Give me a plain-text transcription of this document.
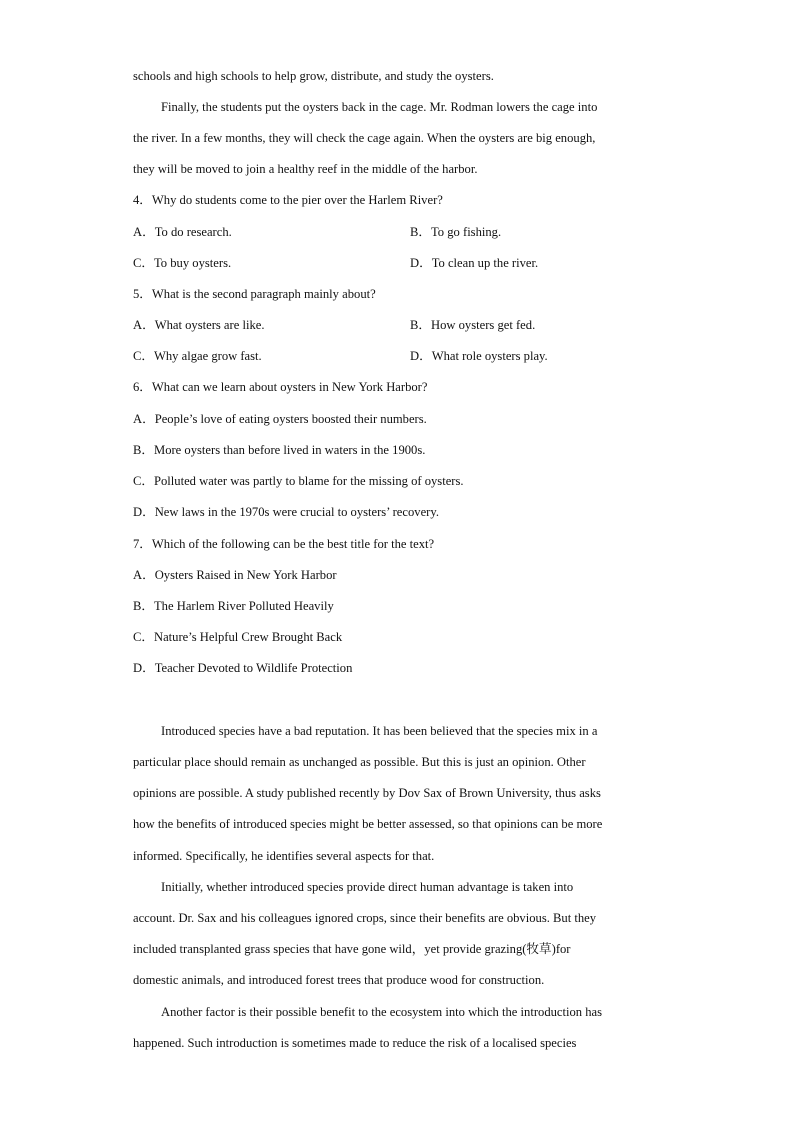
schools and high schools to help grow, distribute, and study the oysters.
Finally, the students put the oysters back in the cage. Mr. Rodman lowers the cage into
the river. In a few months, they will check the cage again. When the oysters are big enough,
they will be moved to join a healthy reef in the middle of the harbor.
4．Why do students come to the pier over the Harlem River?
A．To do research.	B．To go fishing.
C．To buy oysters.	D．To clean up the river.
5．What is the second paragraph mainly about?
A．What oysters are like.	B．How oysters get fed.
C．Why algae grow fast.	D．What role oysters play.
6．What can we learn about oysters in New York Harbor?
A．People’s love of eating oysters boosted their numbers.
B．More oysters than before lived in waters in the 1900s.
C．Polluted water was partly to blame for the missing of oysters.
D．New laws in the 1970s were crucial to oysters’ recovery.
7．Which of the following can be the best title for the text?
A．Oysters Raised in New York Harbor
B．The Harlem River Polluted Heavily
C．Nature’s Helpful Crew Brought Back
D．Teacher Devoted to Wildlife Protection
Introduced species have a bad reputation. It has been believed that the species mix in a
particular place should remain as unchanged as possible. But this is just an opinion. Other
opinions are possible. A study published recently by Dov Sax of Brown University, thus asks
how the benefits of introduced species might be better assessed, so that opinions can be more
informed. Specifically, he identifies several aspects for that.
Initially, whether introduced species provide direct human advantage is taken into
account. Dr. Sax and his colleagues ignored crops, since their benefits are obvious. But they
included transplanted grass species that have gone wild，yet provide grazing(牧草)for
domestic animals, and introduced forest trees that produce wood for construction.
Another factor is their possible benefit to the ecosystem into which the introduction has
happened. Such introduction is sometimes made to reduce the risk of a localised species
